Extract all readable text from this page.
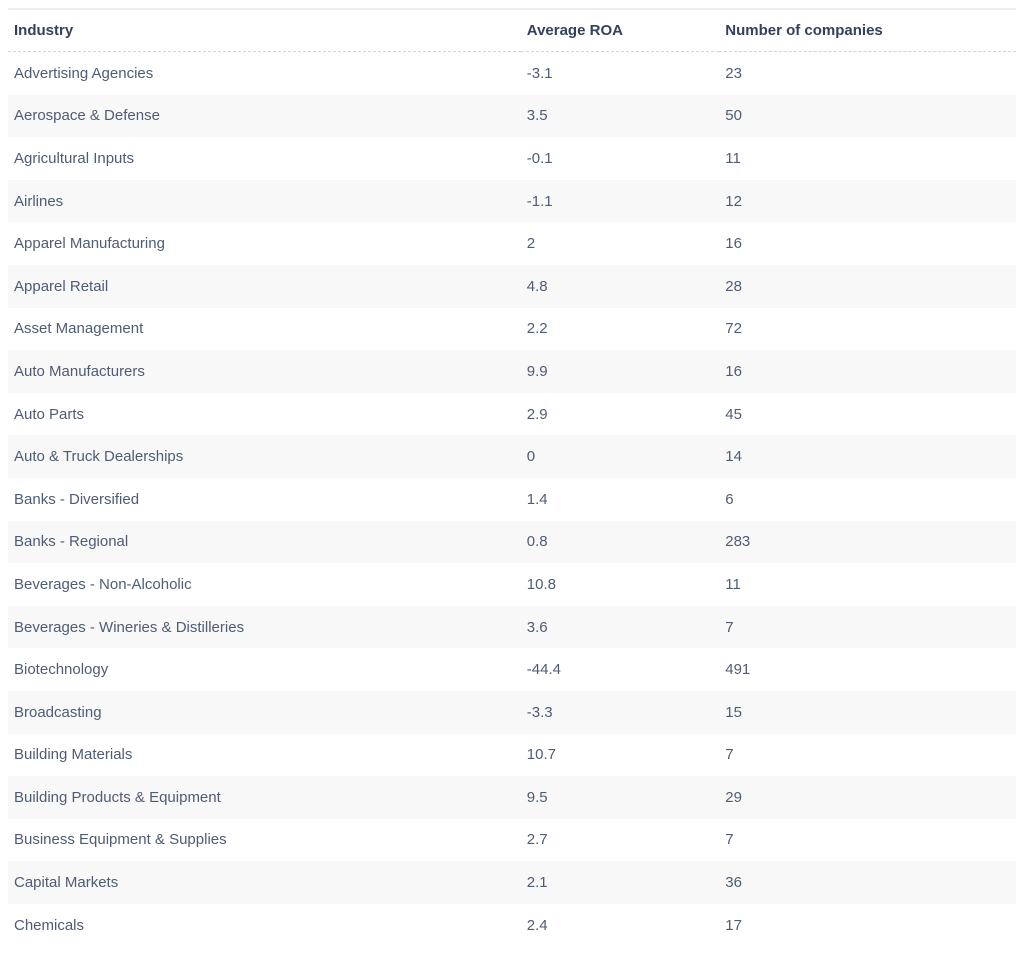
Industry	Average ROA	Number of companies
Advertising Agencies	-3.1	23
Aerospace & Defense	3.5	50
Agricultural Inputs	-0.1	11
Airlines	-1.1	12
Apparel Manufacturing	2	16
Apparel Retail	4.8	28
Asset Management	2.2	72
Auto Manufacturers	9.9	16
Auto Parts	2.9	45
Auto & Truck Dealerships	0	14
Banks - Diversified	1.4	6
Banks - Regional	0.8	283
Beverages - Non-Alcoholic	10.8	11
Beverages - Wineries & Distilleries	3.6	7
Biotechnology	-44.4	491
Broadcasting	-3.3	15
Building Materials	10.7	7
Building Products & Equipment	9.5	29
Business Equipment & Supplies	2.7	7
Capital Markets	2.1	36
Chemicals	2.4	17
